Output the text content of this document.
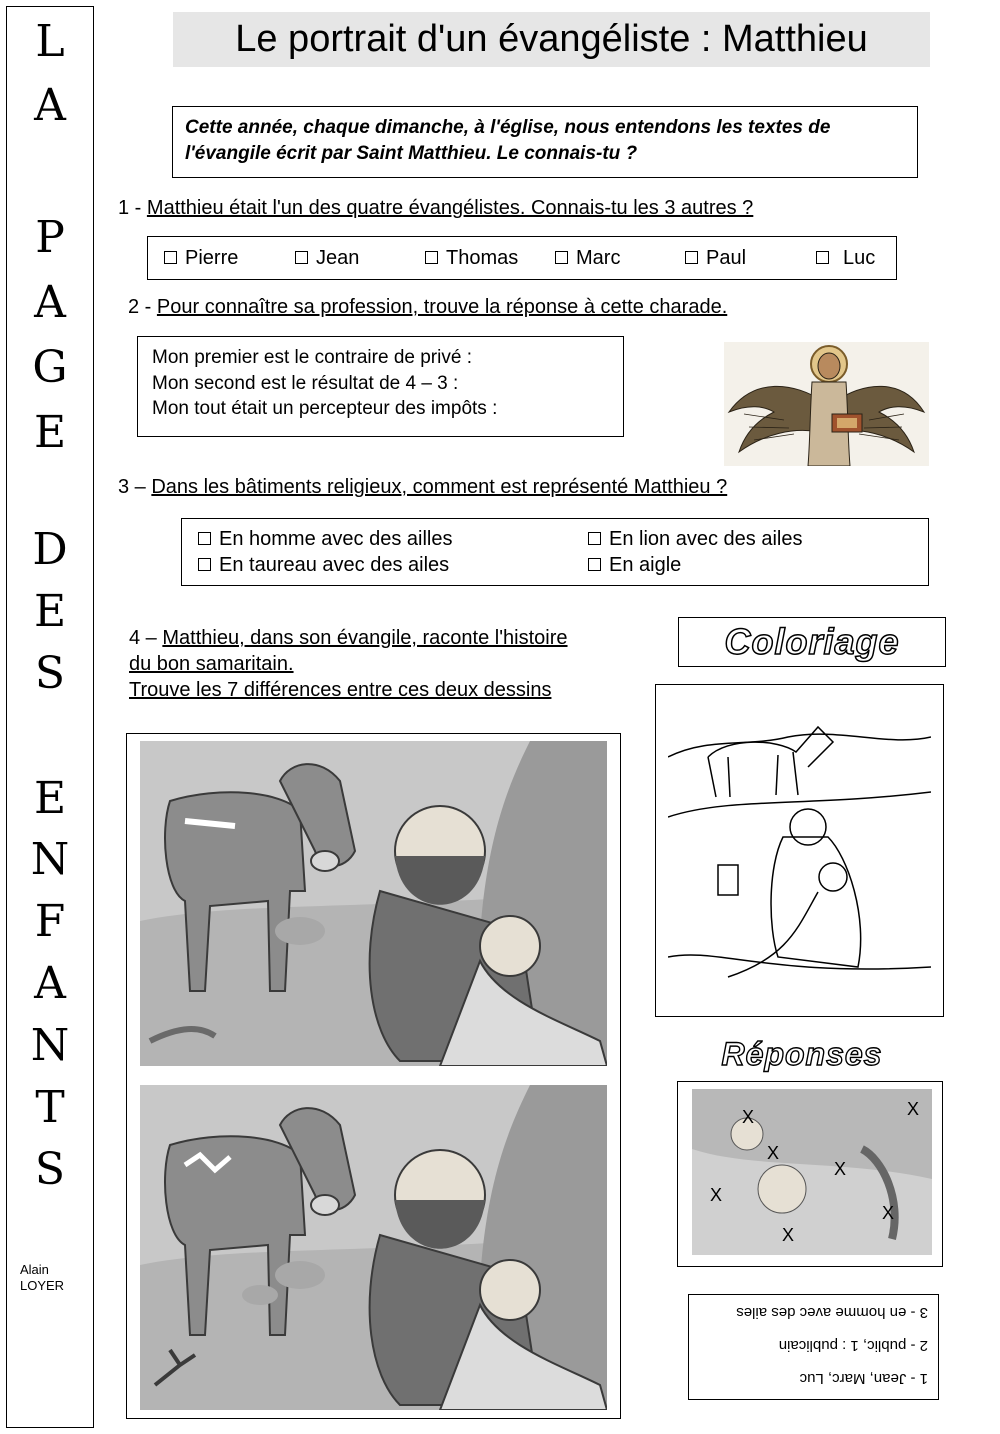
L
A
P
A
G
E
D
E
S
E
N
F
A
N
T
S
Alain
LOYER
Le portrait d'un évangéliste : Matthieu
Cette année, chaque dimanche, à l'église, nous entendons les textes de l'évangile écrit par Saint Matthieu. Le connais-tu ?
1 - Matthieu était l'un des quatre évangélistes. Connais-tu les 3 autres ?
Pierre	Jean	Thomas	Marc	Paul	Luc
2 - Pour connaître sa profession, trouve la réponse à cette charade.
Mon premier est le contraire de privé :
Mon second est le résultat de 4 – 3 :
Mon tout était un percepteur des impôts :
3 – Dans les bâtiments religieux, comment est représenté Matthieu ?
En homme avec des ailles	En lion avec des ailes
En taureau avec des ailes	En aigle
4 – Matthieu, dans son évangile, raconte l'histoire
du bon samaritain.
Trouve les 7 différences entre ces deux dessins
Coloriage
Réponses
X
X
X
X
X
X
X
1 - Jean, Marc, Luc
2 - public, 1 : publicain
3 - en homme avec des ailes
